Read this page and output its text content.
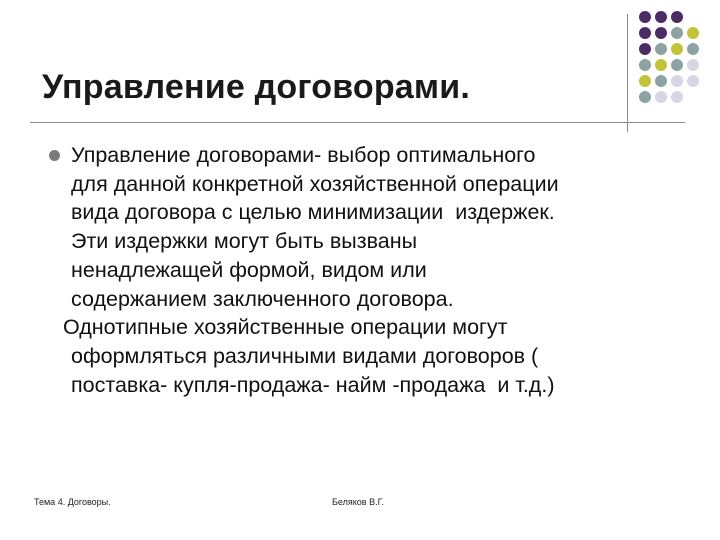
Управление договорами.
Управление договорами- выбор оптимального
для данной конкретной хозяйственной операции
вида договора с целью минимизации  издержек.
Эти издержки могут быть вызваны
ненадлежащей формой, видом или
содержанием заключенного договора.
Однотипные хозяйственные операции могут
оформляться различными видами договоров (
поставка- купля-продажа- найм -продажа  и т.д.)
Тема 4. Договоры.	Беляков В.Г.
